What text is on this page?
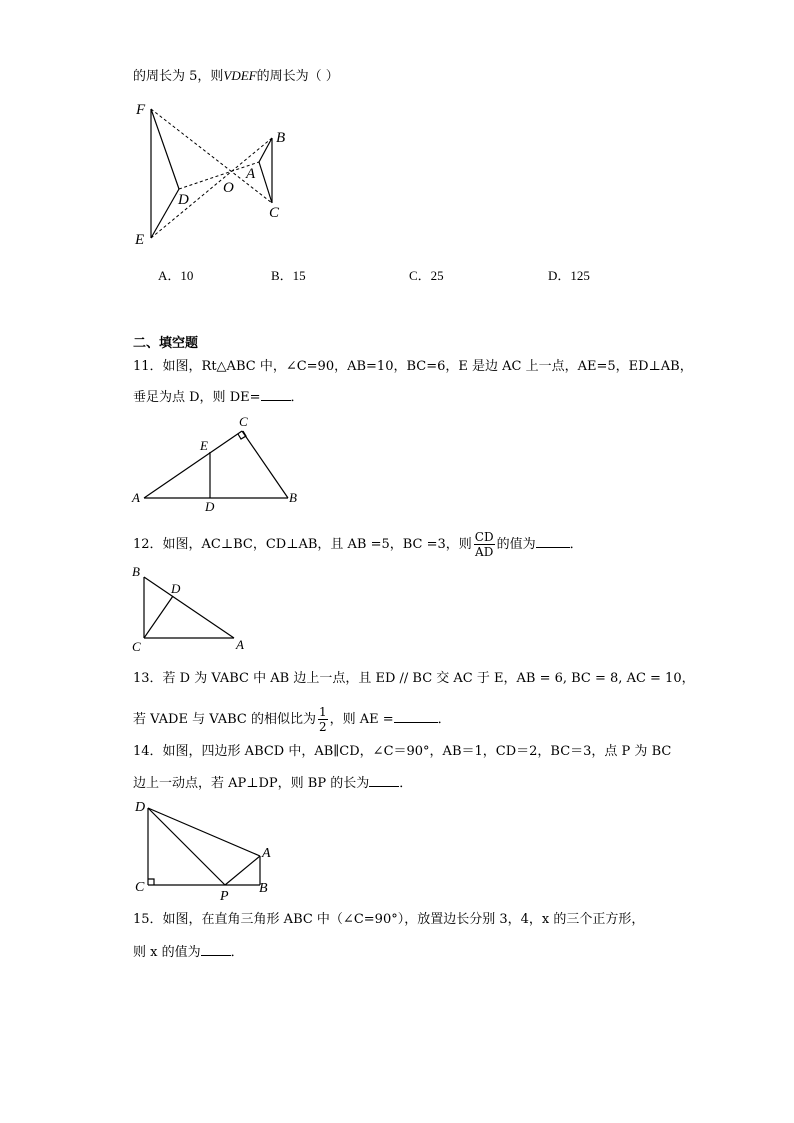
的周长为 5，则VDEF的周长为（ ）
F
E
D
O
A
B
C
A．10	B．15	C．25	D．125
二、填空题
11．如图，Rt△ABC 中，∠C=90，AB=10，BC=6，E 是边 AC 上一点，AE=5，ED⊥AB，
垂足为点 D，则 DE= ．
A	B
C
D
E
12．如图，AC⊥BC，CD⊥AB，且 AB =5，BC =3，则 $\frac{CD}{AD}$ 的值为	．
B
D
C	A
13．若 D 为 VABC 中 AB 边上一点，且 ED // BC 交 AC 于 E，AB = 6, BC = 8, AC = 10，
若 VADE 与 VABC 的相似比为 $\frac{1}{2}$ ，则 AE =	．
14．如图，四边形 ABCD 中，AB∥CD，∠C＝90°，AB＝1，CD＝2，BC＝3，点 P 为 BC
边上一动点，若 AP⊥DP，则 BP 的长为 ．
D
A
C
P
B
15．如图，在直角三角形 ABC 中（∠C=90°），放置边长分别 3，4，x 的三个正方形，
则 x 的值为 ．
